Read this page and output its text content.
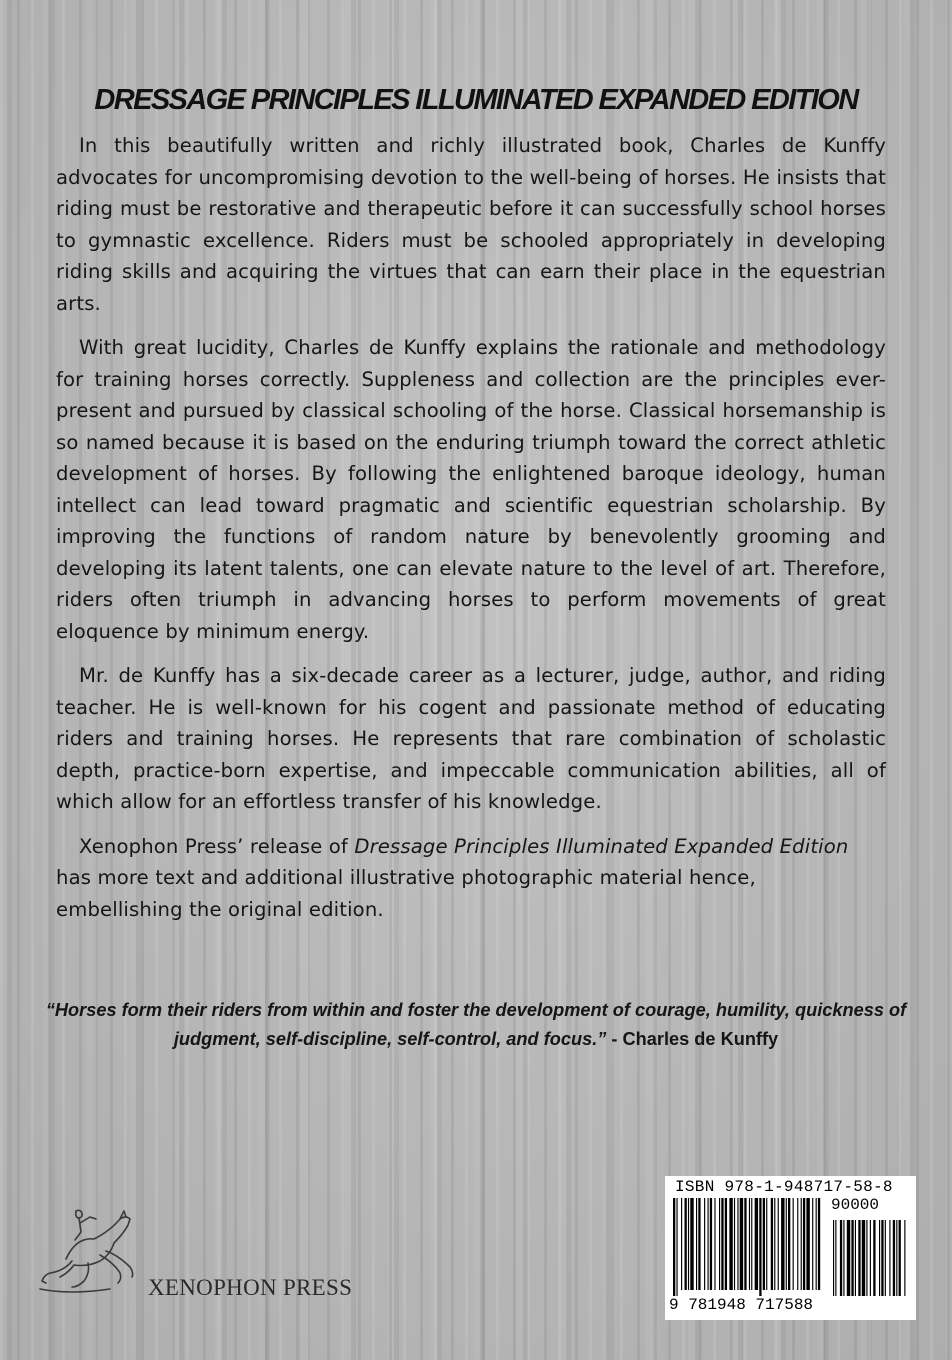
DRESSAGE PRINCIPLES ILLUMINATED EXPANDED EDITION

In this beautifully written and richly illustrated book, Charles de Kunffy advocates for uncompromising devotion to the well-being of horses. He insists that riding must be restorative and therapeutic before it can successfully school horses to gymnastic excellence. Riders must be schooled appropriately in developing riding skills and acquiring the virtues that can earn their place in the equestrian arts.

With great lucidity, Charles de Kunffy explains the rationale and methodology for training horses correctly. Suppleness and collection are the principles ever-present and pursued by classical schooling of the horse. Classical horsemanship is so named because it is based on the enduring triumph toward the correct athletic development of horses. By following the enlightened baroque ideology, human intellect can lead toward pragmatic and scientific equestrian scholarship. By improving the functions of random nature by benevolently grooming and developing its latent talents, one can elevate nature to the level of art. Therefore, riders often triumph in advancing horses to perform movements of great eloquence by minimum energy.

Mr. de Kunffy has a six-decade career as a lecturer, judge, author, and riding teacher. He is well-known for his cogent and passionate method of educating riders and training horses. He represents that rare combination of scholastic depth, practice-born expertise, and impeccable communication abilities, all of which allow for an effortless transfer of his knowledge.

Xenophon Press’ release of Dressage Principles Illuminated Expanded Edition has more text and additional illustrative photographic material hence, embellishing the original edition.

“Horses form their riders from within and foster the development of courage, humility, quickness of judgment, self-discipline, self-control, and focus.” - Charles de Kunffy
XENOPHON PRESS
ISBN 978-1-948717-58-8
90000
9 781948 717588
